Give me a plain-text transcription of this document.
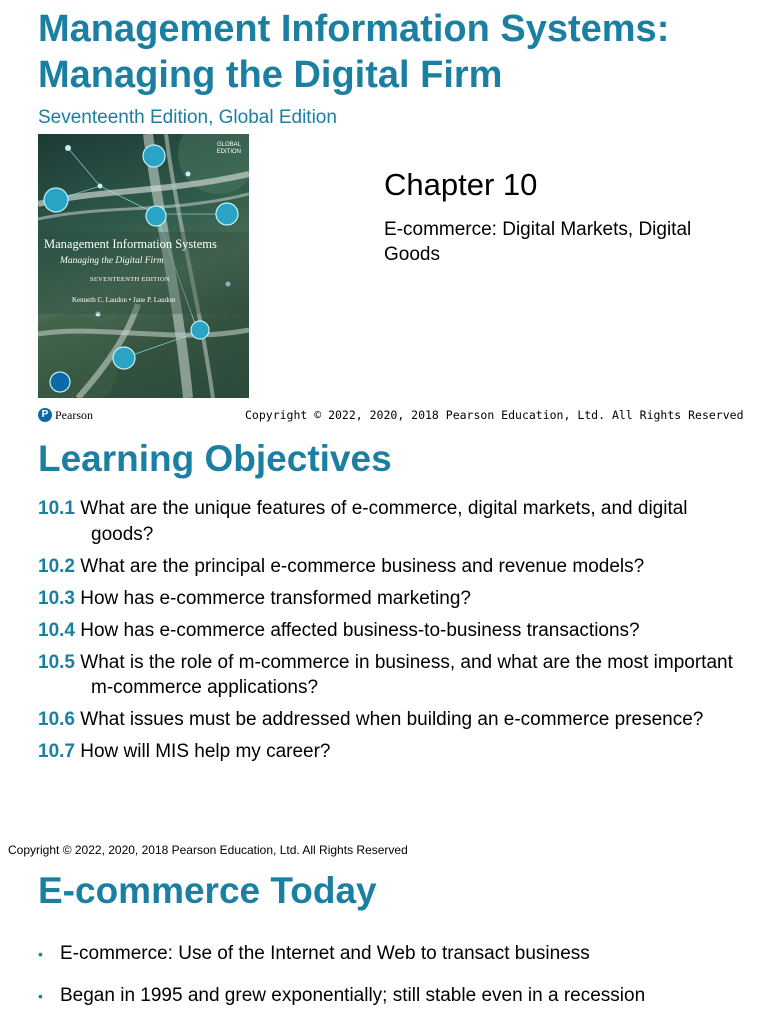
Management Information Systems:
Managing the Digital Firm

Seventeenth Edition, Global Edition

GLOBAL
EDITION
Management Information Systems
Managing the Digital Firm
SEVENTEENTH EDITION
Kenneth C. Laudon • Jane P. Laudon
Chapter 10

E-commerce: Digital Markets, Digital Goods

P Pearson	Copyright © 2022, 2020, 2018 Pearson Education, Ltd. All Rights Reserved
Learning Objectives
10.1 What are the unique features of e-commerce, digital markets, and digital goods?
10.2 What are the principal e-commerce business and revenue models?
10.3 How has e-commerce transformed marketing?
10.4 How has e-commerce affected business-to-business transactions?
10.5 What is the role of m-commerce in business, and what are the most important m-commerce applications?
10.6 What issues must be addressed when building an e-commerce presence?
10.7 How will MIS help my career?
Copyright © 2022, 2020, 2018 Pearson Education, Ltd. All Rights Reserved
E-commerce Today
• E-commerce: Use of the Internet and Web to transact business
• Began in 1995 and grew exponentially; still stable even in a recession
